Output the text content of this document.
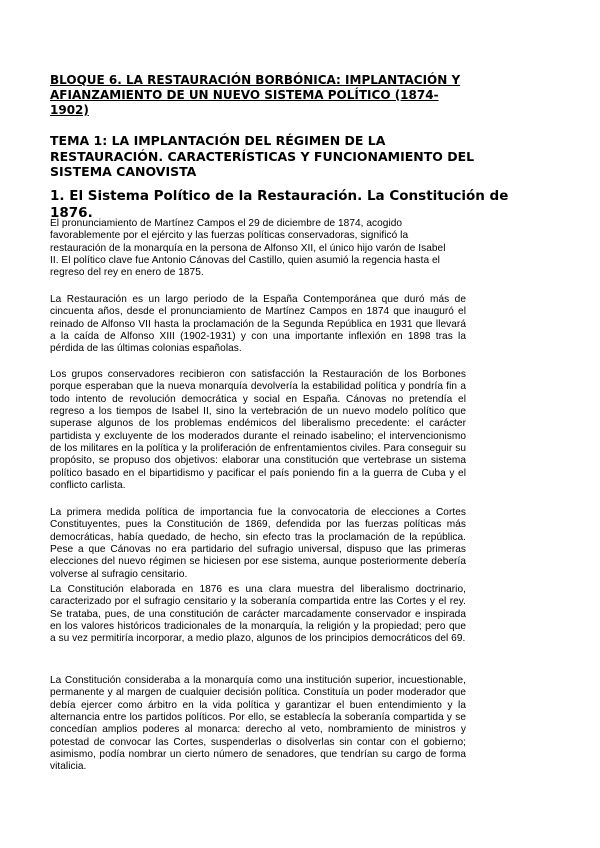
BLOQUE 6. LA RESTAURACIÓN BORBÓNICA: IMPLANTACIÓN Y AFIANZAMIENTO DE UN NUEVO SISTEMA POLÍTICO (1874-1902)
TEMA 1: LA IMPLANTACIÓN DEL RÉGIMEN DE LA RESTAURACIÓN. CARACTERÍSTICAS Y FUNCIONAMIENTO DEL SISTEMA CANOVISTA
1. El Sistema Político de la Restauración. La Constitución de 1876.

El pronunciamiento de Martínez Campos el 29 de diciembre de 1874, acogido favorablemente por el ejército y las fuerzas políticas conservadoras, significó la restauración de la monarquía en la persona de Alfonso XII, el único hijo varón de Isabel II. El político clave fue Antonio Cánovas del Castillo, quien asumió la regencia hasta el regreso del rey en enero de 1875.

La Restauración es un largo periodo de la España Contemporánea que duró más de cincuenta años, desde el pronunciamiento de Martínez Campos en 1874 que inauguró el reinado de Alfonso VII hasta la proclamación de la Segunda República en 1931 que llevará a la caída de Alfonso XIII (1902-1931) y con una importante inflexión en 1898 tras la pérdida de las últimas colonias españolas.

Los grupos conservadores recibieron con satisfacción la Restauración de los Borbones porque esperaban que la nueva monarquía devolvería la estabilidad política y pondría fin a todo intento de revolución democrática y social en España. Cánovas no pretendía el regreso a los tiempos de Isabel II, sino la vertebración de un nuevo modelo político que superase algunos de los problemas endémicos del liberalismo precedente: el carácter partidista y excluyente de los moderados durante el reinado isabelino; el intervencionismo de los militares en la política y la proliferación de enfrentamientos civiles. Para conseguir su propósito, se propuso dos objetivos: elaborar una constitución que vertebrase un sistema político basado en el bipartidismo y pacificar el país poniendo fin a la guerra de Cuba y el conflicto carlista.

La primera medida política de importancia fue la convocatoria de elecciones a Cortes Constituyentes, pues la Constitución de 1869, defendida por las fuerzas políticas más democráticas, había quedado, de hecho, sin efecto tras la proclamación de la república. Pese a que Cánovas no era partidario del sufragio universal, dispuso que las primeras elecciones del nuevo régimen se hiciesen por ese sistema, aunque posteriormente debería volverse al sufragio censitario.

La Constitución elaborada en 1876 es una clara muestra del liberalismo doctrinario, caracterizado por el sufragio censitario y la soberanía compartida entre las Cortes y el rey. Se trataba, pues, de una constitución de carácter marcadamente conservador e inspirada en los valores históricos tradicionales de la monarquía, la religión y la propiedad; pero que a su vez permitiría incorporar, a medio plazo, algunos de los principios democráticos del 69.

La Constitución consideraba a la monarquía como una institución superior, incuestionable, permanente y al margen de cualquier decisión política. Constituía un poder moderador que debía ejercer como árbitro en la vida política y garantizar el buen entendimiento y la alternancia entre los partidos políticos. Por ello, se establecía la soberanía compartida y se concedían amplios poderes al monarca: derecho al veto, nombramiento de ministros y potestad de convocar las Cortes, suspenderlas o disolverlas sin contar con el gobierno; asimismo, podía nombrar un cierto número de senadores, que tendrían su cargo de forma vitalicia.
